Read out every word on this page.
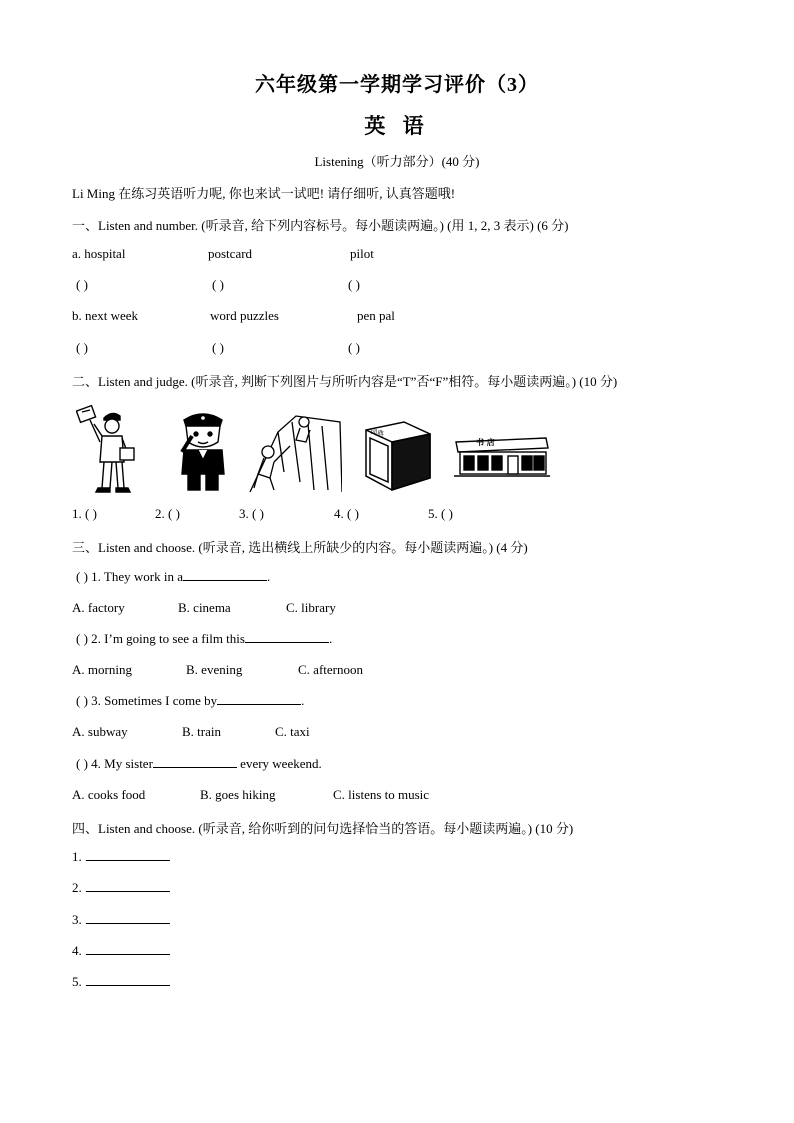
六年级第一学期学习评价（3）
英 语
Listening（听力部分）(40 分)
Li Ming 在练习英语听力呢, 你也来试一试吧! 请仔细听, 认真答题哦!
一、Listen and number. (听录音, 给下列内容标号。每小题读两遍。) (用 1, 2, 3 表示) (6 分)
a. hospital	postcard	pilot
( )	( )	( )
b. next week	word puzzles	pen pal
( )	( )	( )
二、Listen and judge. (听录音, 判断下列图片与所听内容是“T”否“F”相符。每小题读两遍。) (10 分)
词典
书 店
1. ( )	2. ( )	3. ( )	4. ( )	5. ( )
三、Listen and choose. (听录音, 选出横线上所缺少的内容。每小题读两遍。) (4 分)
( ) 1. They work in a	.
A. factory	B. cinema	C. library
( ) 2. I’m going to see a film this	.
A. morning	B. evening	C. afternoon
( ) 3. Sometimes I come by	.
A. subway	B. train	C. taxi
( ) 4. My sister	every weekend.
A. cooks food	B. goes hiking	C. listens to music
四、Listen and choose. (听录音, 给你听到的问句选择恰当的答语。每小题读两遍。) (10 分)
1.
2.
3.
4.
5.
